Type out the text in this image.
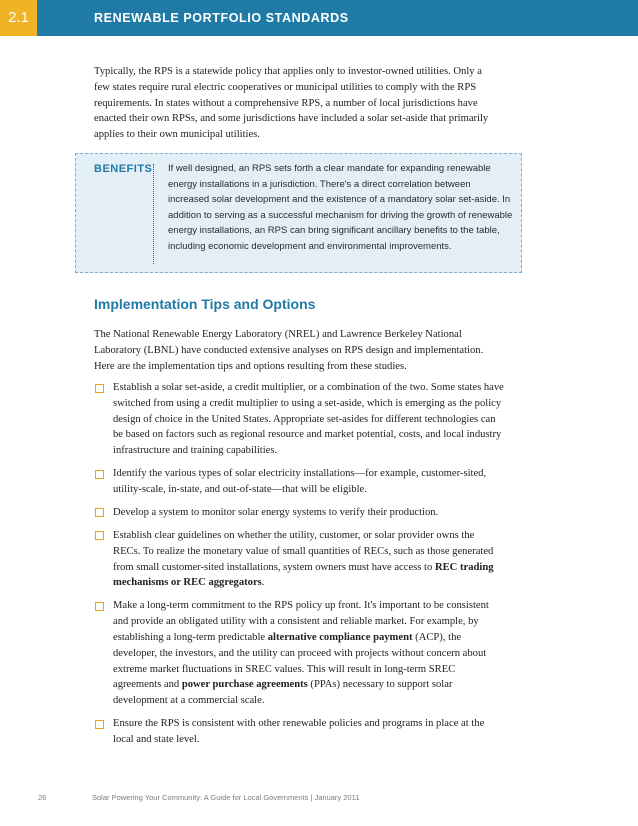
2.1	RENEWABLE PORTFOLIO STANDARDS

Typically, the RPS is a statewide policy that applies only to investor-owned utilities. Only a few states require rural electric cooperatives or municipal utilities to comply with the RPS requirements. In states without a comprehensive RPS, a number of local jurisdictions have enacted their own RPSs, and some jurisdictions have included a solar set-aside that primarily applies to their own municipal utilities.

BENEFITS If well designed, an RPS sets forth a clear mandate for expanding renewable energy installations in a jurisdiction. There's a direct correlation between increased solar development and the existence of a mandatory solar set-aside. In addition to serving as a successful mechanism for driving the growth of renewable energy installations, an RPS can bring significant ancillary benefits to the table, including economic development and environmental improvements.

Implementation Tips and Options

The National Renewable Energy Laboratory (NREL) and Lawrence Berkeley National Laboratory (LBNL) have conducted extensive analyses on RPS design and implementation. Here are the implementation tips and options resulting from these studies.

Establish a solar set-aside, a credit multiplier, or a combination of the two. Some states have switched from using a credit multiplier to using a set-aside, which is emerging as the policy design of choice in the United States. Appropriate set-asides for different technologies can be based on factors such as regional resource and market potential, costs, and local industry infrastructure and training capabilities.
Identify the various types of solar electricity installations—for example, customer-sited, utility-scale, in-state, and out-of-state—that will be eligible.
Develop a system to monitor solar energy systems to verify their production.
Establish clear guidelines on whether the utility, customer, or solar provider owns the RECs. To realize the monetary value of small quantities of RECs, such as those generated from small customer-sited installations, system owners must have access to REC trading mechanisms or REC aggregators.
Make a long-term commitment to the RPS policy up front. It's important to be consistent and provide an obligated utility with a consistent and reliable market. For example, by establishing a long-term predictable alternative compliance payment (ACP), the developer, the investors, and the utility can proceed with projects without concern about extreme market fluctuations in SREC values. This will result in long-term SREC agreements and power purchase agreements (PPAs) necessary to support solar development at a commercial scale.
Ensure the RPS is consistent with other renewable policies and programs in place at the local and state level.
26	Solar Powering Your Community: A Guide for Local Governments | January 2011
